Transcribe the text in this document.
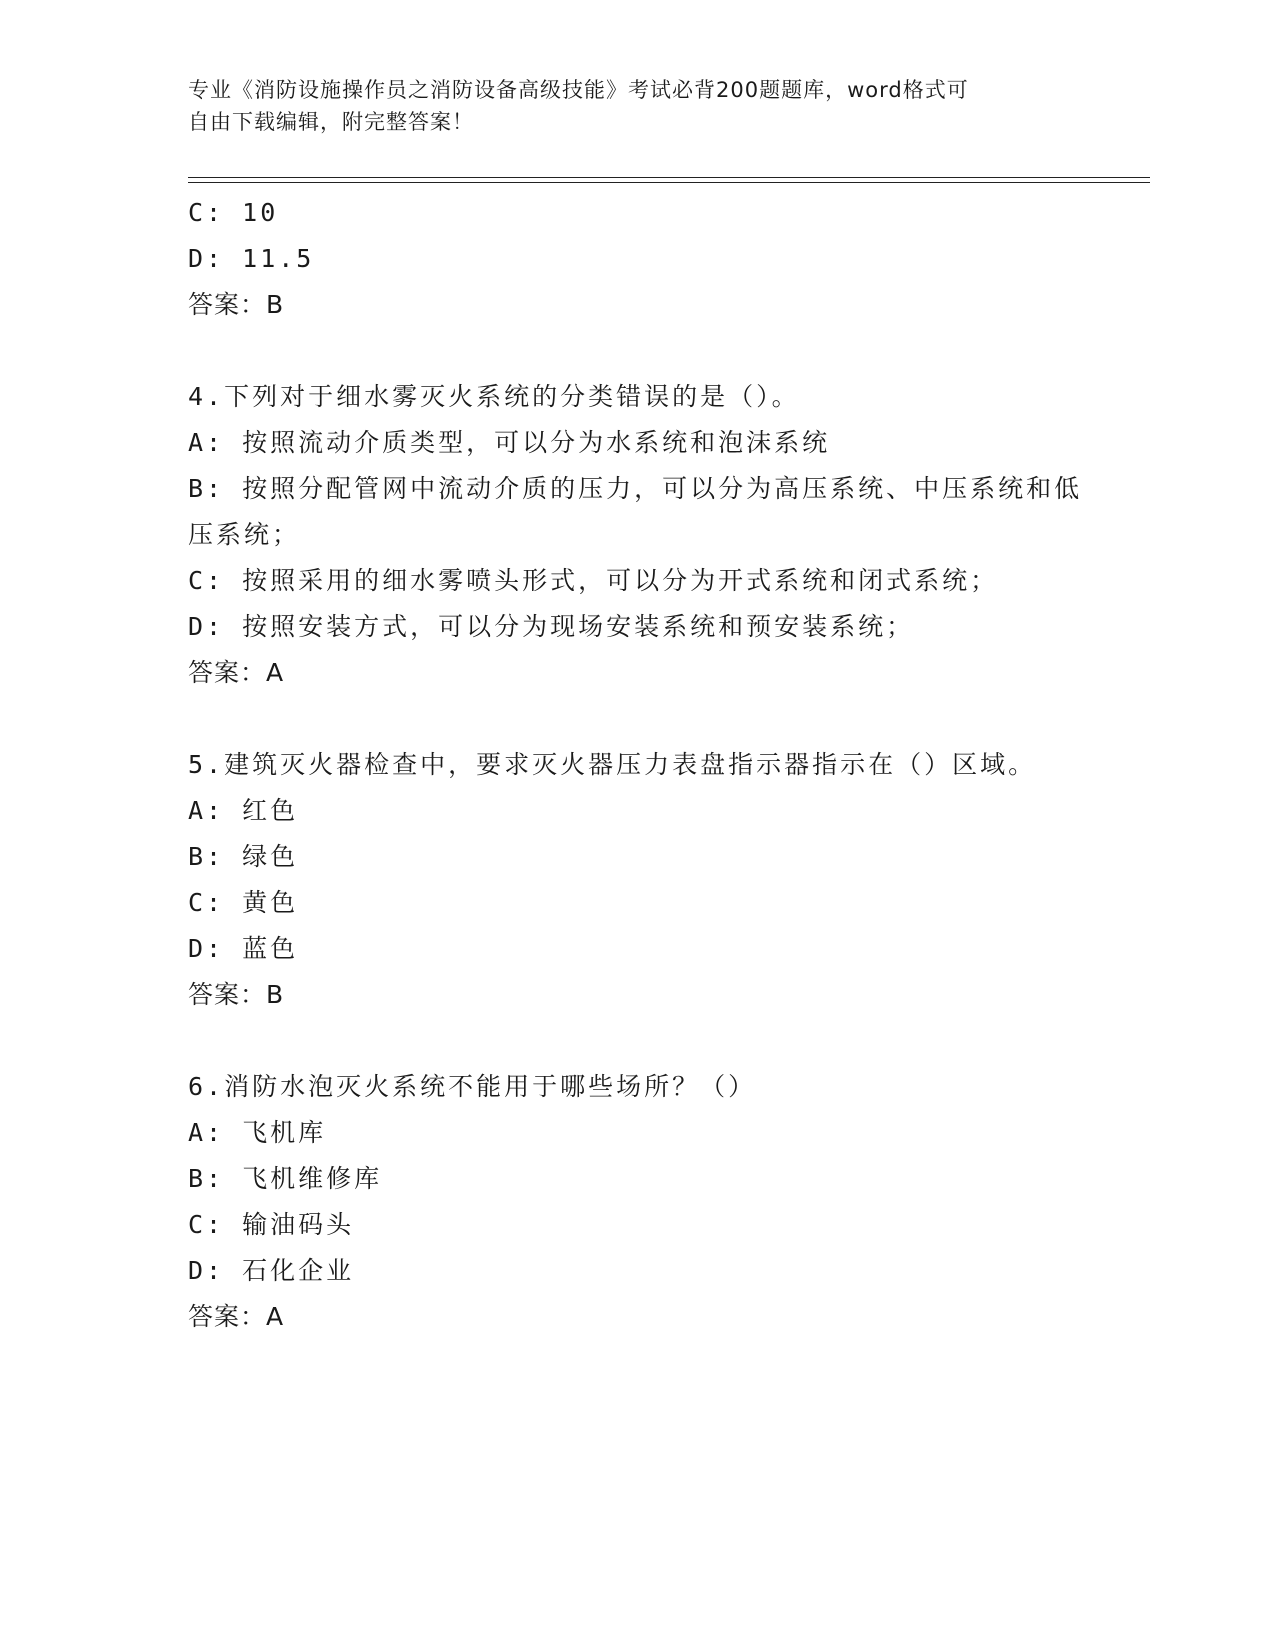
专业《消防设施操作员之消防设备高级技能》考试必背200题题库，word格式可
自由下载编辑，附完整答案！
C: 10
D: 11.5
答案：B
4.下列对于细水雾灭火系统的分类错误的是（）。
A: 按照流动介质类型，可以分为水系统和泡沫系统
B: 按照分配管网中流动介质的压力，可以分为高压系统、中压系统和低压系统；
C: 按照采用的细水雾喷头形式，可以分为开式系统和闭式系统；
D: 按照安装方式，可以分为现场安装系统和预安装系统；
答案：A
5.建筑灭火器检查中，要求灭火器压力表盘指示器指示在（）区域。
A: 红色
B: 绿色
C: 黄色
D: 蓝色
答案：B
6.消防水泡灭火系统不能用于哪些场所？（）
A: 飞机库
B: 飞机维修库
C: 输油码头
D: 石化企业
答案：A
